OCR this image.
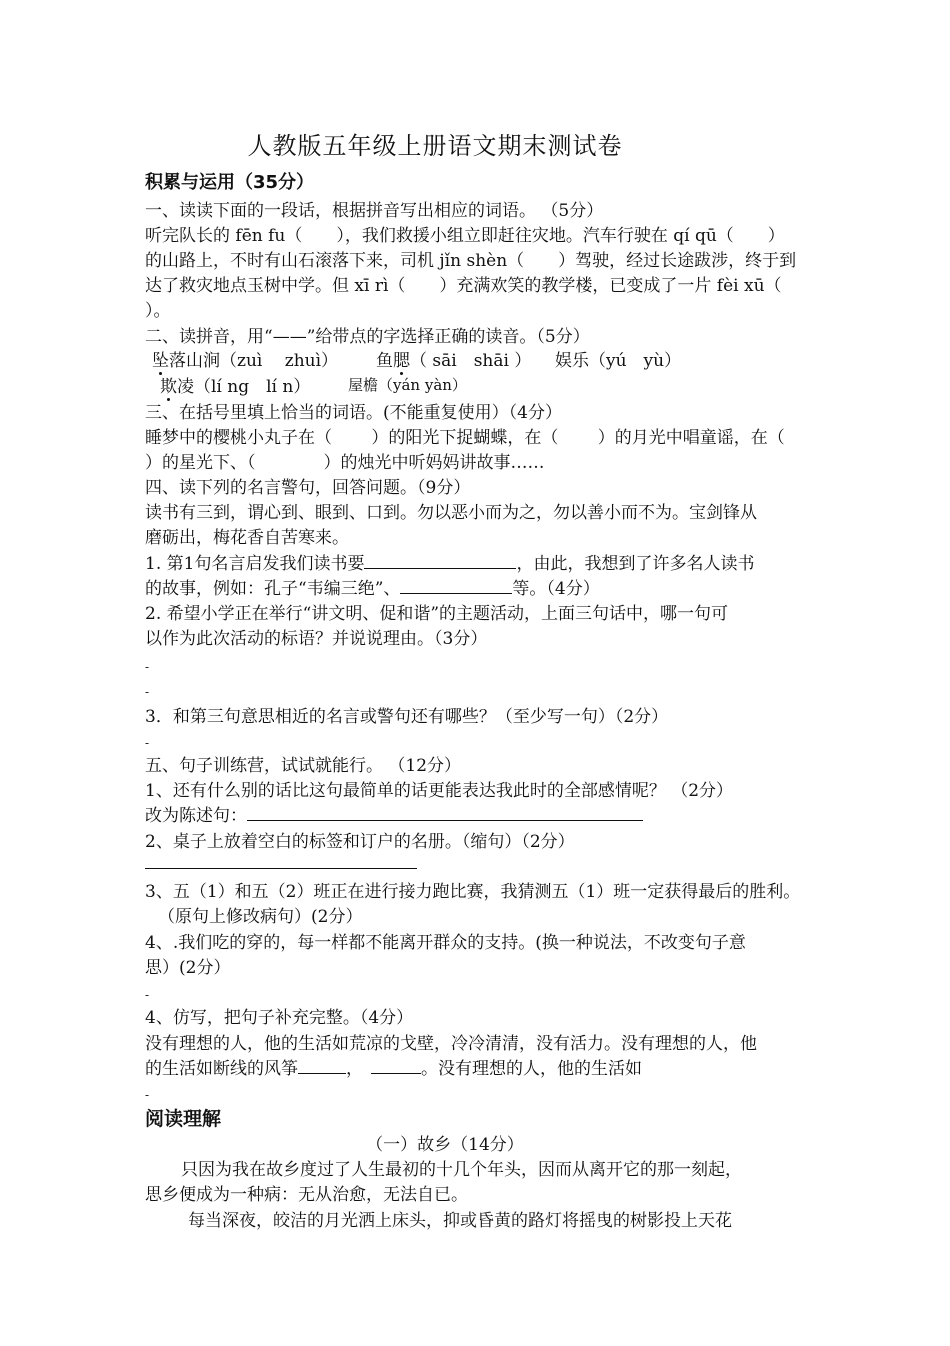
人教版五年级上册语文期末测试卷
积累与运用（35分）
一、读读下面的一段话，根据拼音写出相应的词语。 （5分）
听完队长的 fēn fu（　　），我们救援小组立即赶往灾地。汽车行驶在 qí qū（　　）
的山路上，不时有山石滚落下来，司机 jǐn shèn（　　）驾驶，经过长途跋涉，终于到
达了救灾地点玉树中学。但 xī rì（　　）充满欢笑的教学楼，已变成了一片 fèi xū（
）。
二、读拼音，用“——”给带点的字选择正确的读音。（5分）
坠落山涧（zuì　 zhuì） 鱼腮（ sāi　shāi ） 娱乐（yú　yù）
欺凌（lí ng　lí n）	屋檐（yán yàn）
三、在括号里填上恰当的词语。(不能重复使用）（4分）
睡梦中的樱桃小丸子在（　　 ）的阳光下捉蝴蝶，在（　　 ）的月光中唱童谣，在（
）的星光下、（　　　　）的烛光中听妈妈讲故事……
四、读下列的名言警句，回答问题。（9分）
读书有三到，谓心到、眼到、口到。勿以恶小而为之，勿以善小而不为。宝剑锋从
磨砺出，梅花香自苦寒来。
1. 第1句名言启发我们读书要	，由此，我想到了许多名人读书
的故事，例如：孔子“韦编三绝”、	等。（4分）
2. 希望小学正在举行“讲文明、促和谐”的主题活动，上面三句话中，哪一句可
以作为此次活动的标语？并说说理由。（3分）
-
-
3．和第三句意思相近的名言或警句还有哪些？（至少写一句）（2分）
-
五、句子训练营，试试就能行。 （12分）
1、还有什么别的话比这句最简单的话更能表达我此时的全部感情呢？ （2分）
改为陈述句：
2、桌子上放着空白的标签和订户的名册。（缩句）（2分）
3、五（1）和五（2）班正在进行接力跑比赛，我猜测五（1）班一定获得最后的胜利。
（原句上修改病句）(2分）
4、.我们吃的穿的，每一样都不能离开群众的支持。(换一种说法，不改变句子意
思）(2分）
-
4、仿写，把句子补充完整。（4分）
没有理想的人，他的生活如荒凉的戈壁，冷冷清清，没有活力。没有理想的人，他
的生活如断线的风筝	，	。没有理想的人，他的生活如
-
阅读理解
（一）故乡（14分）
只因为我在故乡度过了人生最初的十几个年头，因而从离开它的那一刻起，
思乡便成为一种病：无从治愈，无法自已。
每当深夜，皎洁的月光洒上床头，抑或昏黄的路灯将摇曳的树影投上天花
